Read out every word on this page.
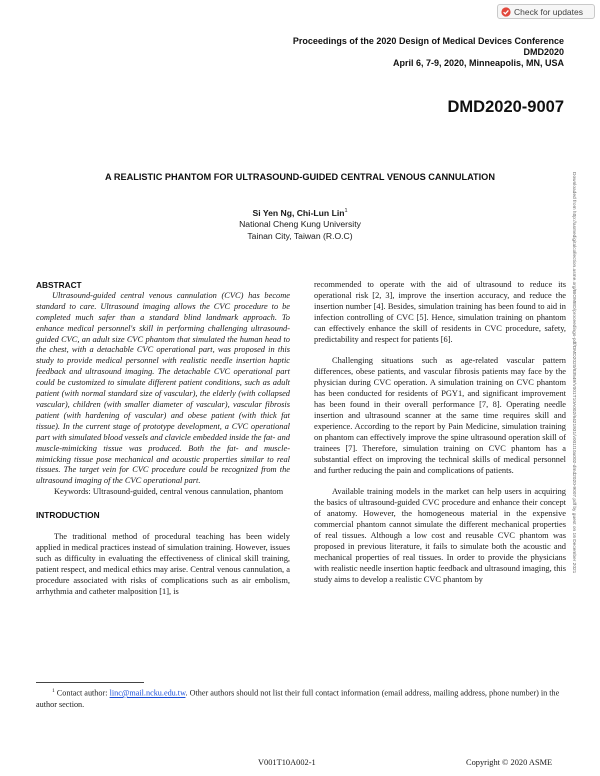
Check for updates
Proceedings of the 2020 Design of Medical Devices Conference
DMD2020
April 6, 7-9, 2020, Minneapolis, MN, USA
DMD2020-9007
A REALISTIC PHANTOM FOR ULTRASOUND-GUIDED CENTRAL VENOUS CANNULATION
Si Yen Ng, Chi-Lun Lin$^1$
National Cheng Kung University
Tainan City, Taiwan (R.O.C)	Downloaded from http://asmedigitalcollection.asme.org/BIOMED/proceedings-pdf/DMD2020/83549/V001T10A002/6421931/v001t10a002-dmd2020-9007.pdf by guest on 16 December 2021
ABSTRACT

Ultrasound-guided central venous cannulation (CVC) has become standard to care. Ultrasound imaging allows the CVC procedure to be completed much safer than a standard blind landmark approach. To enhance medical personnel's skill in performing challenging ultrasound-guided CVC, an adult size CVC phantom that simulated the human head to the chest, with a detachable CVC operational part, was proposed in this study to provide medical personnel with realistic needle insertion haptic feedback and ultrasound imaging. The detachable CVC operational part could be customized to simulate different patient conditions, such as adult patient (with normal standard size of vascular), the elderly (with collapsed vascular), children (with smaller diameter of vascular), vascular fibrosis patient (with hardening of vascular) and obese patient (with thick fat tissue). In the current stage of prototype development, a CVC operational part with simulated blood vessels and clavicle embedded inside the fat- and muscle-mimicking tissue was produced. Both the fat- and muscle-mimicking tissue pose mechanical and acoustic properties similar to real tissues. The target vein for CVC procedure could be recognized from the ultrasound imaging of the CVC operational part.

Keywords: Ultrasound-guided, central venous cannulation, phantom

INTRODUCTION

The traditional method of procedural teaching has been widely applied in medical practices instead of simulation training. However, issues such as difficulty in evaluating the effectiveness of clinical skill training, patient respect, and medical ethics may arise. Central venous cannulation, a procedure associated with risks of complications such as air embolism, arrhythmia and catheter malposition [1], is

recommended to operate with the aid of ultrasound to reduce its operational risk [2, 3], improve the insertion accuracy, and reduce the insertion number [4]. Besides, simulation training has been found to aid in infection controlling of CVC [5]. Hence, simulation training on phantom can effectively enhance the skill of residents in CVC procedure, safety, predictability and respect for patients [6].

Challenging situations such as age-related vascular pattern differences, obese patients, and vascular fibrosis patients may face by the physician during CVC operation. A simulation training on CVC phantom has been conducted for residents of PGY1, and significant improvement has been found in their overall performance [7, 8]. Operating needle insertion and ultrasound scanner at the same time requires skill and experience. According to the report by Pain Medicine, simulation training on phantom can effectively improve the spine ultrasound operation skill of trainees [7]. Therefore, simulation training on CVC phantom has a substantial effect on improving the technical skills of medical personnel and further reducing the pain and complications of patients.

Available training models in the market can help users in acquiring the basics of ultrasound-guided CVC procedure and enhance their concept of anatomy. However, the homogeneous material in the expensive commercial phantom cannot simulate the different mechanical properties of real tissues. Although a low cost and reusable CVC phantom was proposed in previous literature, it fails to simulate both the acoustic and mechanical properties of real tissues. In order to provide the physicians with realistic needle insertion haptic feedback and ultrasound imaging, this study aims to develop a realistic CVC phantom by

$^1$ Contact author: linc@mail.ncku.edu.tw. Other authors should not list their full contact information (email address, mailing address, phone number) in the author section.
V001T10A002-1	Copyright © 2020 ASME
